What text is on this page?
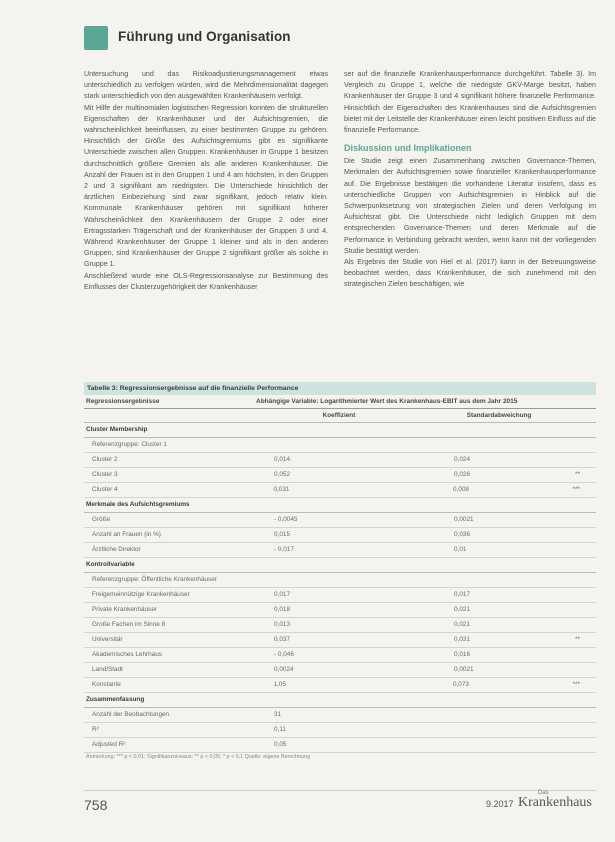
Führung und Organisation

Untersuchung und das Risikoadjustierungsmanagement etwas unterschiedlich zu verfolgen würden, wird die Mehrdimensionalität dagegen stark unterschiedlich von den ausgewählten Krankenhäusern verfolgt.

Mit Hilfe der multinomialen logistischen Regression konnten die strukturellen Eigenschaften der Krankenhäuser und der Aufsichtsgremien, die wahrscheinlichkeit beeinflussen, zu einer bestimmten Gruppe zu gehören. Hinsichtlich der Größe des Aufsichtsgremiums gibt es signifikante Unterschiede zwischen allen Gruppen. Krankenhäuser in Gruppe 1 besitzen durchschnittlich größere Gremien als alle anderen Krankenhäuser. Die Anzahl der Frauen ist in den Gruppen 1 und 4 am höchsten, in den Gruppen 2 und 3 signifikant am niedrigsten. Die Unterschiede hinsichtlich der ärztlichen Einbeziehung sind zwar signifikant, jedoch relativ klein. Kommunale Krankenhäuser gehören mit signifikant höherer Wahrscheinlichkeit den Krankenhäusern der Gruppe 2 oder einer Ertragsstarken Trägerschaft und der Krankenhäuser der Gruppen 3 und 4. Während Krankenhäuser der Gruppe 1 kleiner sind als in den anderen Gruppen, sind Krankenhäuser der Gruppe 2 signifikant größer als solche in Gruppe 1.

Anschließend wurde eine OLS-Regressionsanalyse zur Bestimmung des Einflusses der Clusterzugehörigkeit der Krankenhäuser

ser auf die finanzielle Krankenhausperformance durchgeführt. Tabelle 3). Im Vergleich zu Gruppe 1, welche die niedrigste GKV-Marge besitzt, haben Krankenhäuser der Gruppe 3 und 4 signifikant höhere finanzielle Performance. Hinsichtlich der Eigenschaften des Krankenhauses sind die Aufsichtsgremien bietet mit der Leitstelle der Krankenhäuser einen leicht positiven Einfluss auf die finanzielle Performance.

Diskussion und Implikationen

Die Studie zeigt einen Zusammenhang zwischen Governance-Themen, Merkmalen der Aufsichtsgremien sowie finanzieller Krankenhausperformance auf. Die Ergebnisse bestätigen die vorhandene Literatur insofern, dass es unterschiedliche Gruppen von Aufsichtsgremien in Hinblick auf die Schwerpunktsetzung von strategischen Zielen und deren Verfolgung im Aufsichtsrat gibt. Die Unterschiede nicht lediglich Gruppen mit dem entsprechenden Governance-Themen und deren Merkmale auf die Performance in Verbindung gebracht werden, wenn kann mit der vorliegenden Studie bestätigt werden.

Als Ergebnis der Studie von Hiel et al. (2017) kann in der Betreuungsweise beobachtet werden, dass Krankenhäuser, die sich zunehmend mit den strategischen Zielen beschäftigen, wie

Tabelle 3: Regressionsergebnisse auf die finanzielle Performance
Regressionsergebnisse	Abhängige Variable: Logarithmierter Wert des Krankenhaus-EBIT aus dem Jahr 2015
Koeffizient	Standardabweichung
Cluster Membership
Referenzgruppe: Cluster 1
Cluster 2	0,014	0,024
Cluster 3	0,052	0,026	**
Cluster 4	0,031	0,008	***
Merkmale des Aufsichtsgremiums
Größe	- 0,0045	0,0021
Anzahl an Frauen (in %)	0,015	0,036
Ärztliche Direktor	- 0,017	0,01
Kontrollvariable
Referenzgruppe: Öffentliche Krankenhäuser
Freigemeinnützige Krankenhäuser	0,017	0,017
Private Krankenhäuser	0,018	0,021
Große Fachen im Sinne 8	0,013	0,021
Universitär	0,037	0,031	**
Akademisches Lehrhaus	- 0,046	0,016
Land/Stadt	0,0024	0,0021
Konstante	1,05	0,073	***
Zusammenfassung
Anzahl der Beobachtungen	31
R²	0,11
Adjusted R²	0,05
Anmerkung: *** p < 0,01; Signifikanzniveaus: ** p < 0,05; * p < 0,1 Quelle: eigene Berechnung
758	9.2017
Das
Krankenhaus
